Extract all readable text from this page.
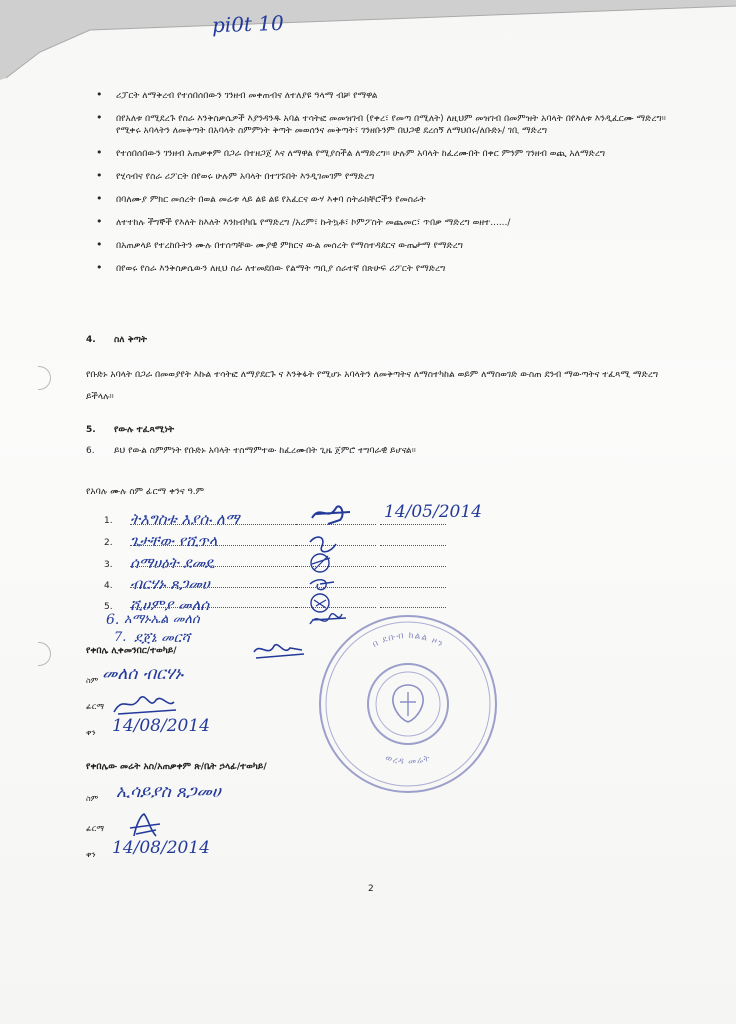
pi0t 10
• ሪፓርት ለማቅረብ የተሰበሰበውን ገንዘብ መቀጠብና ለተለያዩ ዓላማ ብቻ የማዋል
• በየአለቱ በሚደረጉ የስራ እንቅስቃሴዎች እያንዳንዱ አባል ተሳትፎ መመዝገብ (የቀረ፣ የመጣ በሚለት) ለዚህም መዝገብ በመምዝት አባላት በየእለቱ እንዲፈርሙ ማድረግ። የሚቀሩ አባላትን ለመቅጣት በአባላት ስምምነት ቅጣት መወሰንና መቅጣት፣ ገንዘቡንም በህጋዊ ደረሰኝ ለማህበሩ/ለቡድኑ/ ገቢ ማድረግ
• የተሰበሰበውን ገንዘብ አጠቃቀም በጋራ በተዘጋጀ እና ለማዋል የሚያስችል ለማድረግ። ሁሉም አባላት ከፈረሙበት በቀር ምንም ገንዘብ ወጪ አለማድረግ
• የሂሳብና የስራ ሪፖርት በየወሩ ሁሉም አባላት በተገኙበት እንዲገመገም የማድረግ
• በባለሙያ ምክር መሰረት በወል መሬቱ ላይ ልዩ ልዩ የአፈርና ውሃ እቀባ ስትራክቸሮችን የመስራት
• ለተተከሉ ችግኞች የእለት ከእለት እንክብካቤ የማድረግ /አረም፣ ኩትኳቶ፣ ኮምፖስት መጨመር፣ ጥበቃ ማድረግ ወዘተ....../
• በአጠቃላይ የተረከቡትን ሙሉ በተሰጣቸው ሙያዊ ምክርና ውል መሰረት የማስተዳደርና ውጤታማ የማድረግ
• በየወሩ የስራ እንቅስቃሴውን ለዚህ ስራ ለተመደበው የልማት ጣቢያ ሰራተኛ በጽሁፍ ሪፖርት የማድረግ
4. ስለ ቅጣት
የቡድኑ አባላት በጋራ በመወያየት እኩል ተሳትፎ ለማያደርጉ ና እንቅፋት የሚሆኑ አባላትን ለመቅጣትና ለማስተካከል ወይም ለማስወገድ ውስጠ ደንብ ማውጣትና ተፈጻሚ ማድረግ ይችላሉ።
5. የውሉ ተፈጻሚነት
6. ይህ የውል ስምምነት የቡድኑ አባላት ተስማምተው ከፈረሙበት ጊዜ ጀምሮ ተግባራዊ ይሆናል።
የአባሉ ሙሉ ስም ፊርማ ቀንና ዓ.ም
1. ትእግስቱ እያሱ ለማ
2. ጌታቸው የሺጥላ
3. ሰማሀዕት ደመዴ
4. ብርሃኑ ጸጋመሀ
5. ሺሀምያ መለሰ
6. አማኑኤል መለሰ
7. ደጀኔ መርሻ
14/05/2014
የቀበሌ ሊቀመንበር/ተወካይ/
ስም መለሰ ብርሃኑ
ፊርማ
ቀን 14/08/2014
የቀበሌው መሬት አስ/አጠቃቀም ጽ/ቤት ኃላፊ/ተወካይ/
ስም ኢሳይያስ ጸጋመሀ
ፊርማ
ቀን 14/08/2014
በ ደቡብ ክልል ዞን
ወረዳ መሬት
2
